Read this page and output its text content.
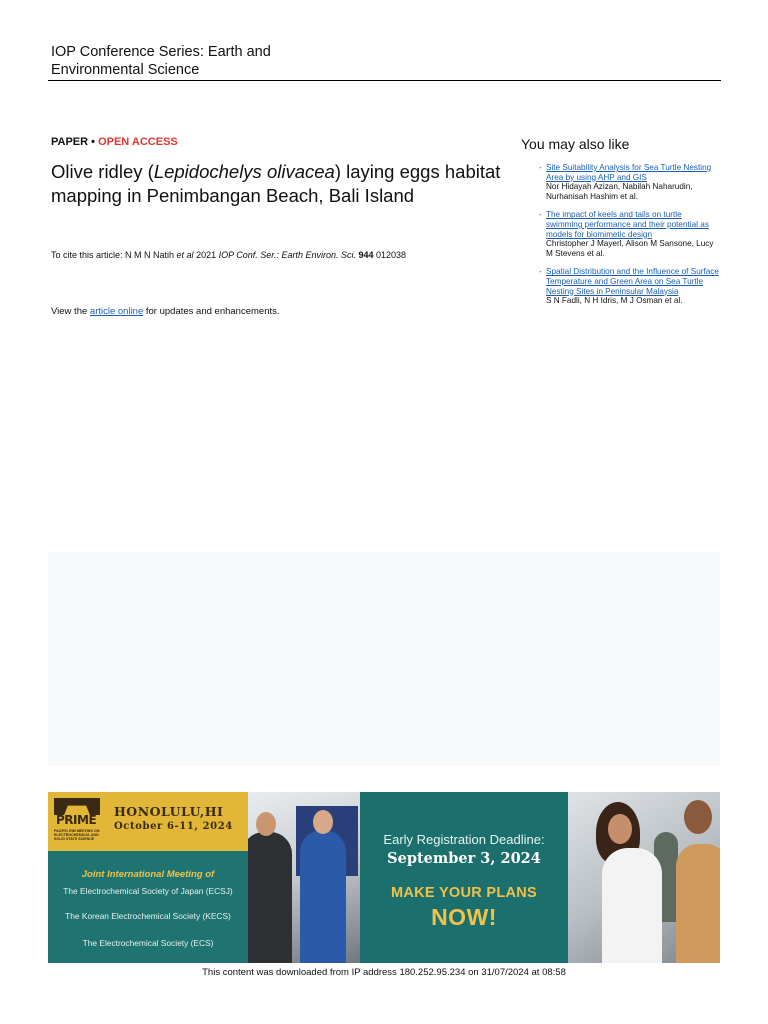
IOP Conference Series: Earth and
Environmental Science
PAPER • OPEN ACCESS
Olive ridley (Lepidochelys olivacea) laying eggs habitat mapping in Penimbangan Beach, Bali Island
To cite this article: N M N Natih et al 2021 IOP Conf. Ser.: Earth Environ. Sci. 944 012038
View the article online for updates and enhancements.
You may also like
- Site Suitability Analysis for Sea Turtle Nesting Area by using AHP and GIS
Nor Hidayah Azizan, Nabilah Naharudin, Nurhanisah Hashim et al.
- The impact of keels and tails on turtle swimming performance and their potential as models for biomimetic design
Christopher J Mayerl, Alison M Sansone, Lucy M Stevens et al.
- Spatial Distribution and the Influence of Surface Temperature and Green Area on Sea Turtle Nesting Sites in Peninsular Malaysia
S N Fadli, N H Idris, M J Osman et al.
PRIME
PACIFIC RIM MEETING ON ELECTROCHEMICAL AND SOLID STATE SCIENCE
HONOLULU,HI
October 6-11, 2024
Joint International Meeting of
The Electrochemical Society of Japan (ECSJ)
The Korean Electrochemical Society (KECS)
The Electrochemical Society (ECS)
Early Registration Deadline:
September 3, 2024
MAKE YOUR PLANS
NOW!
This content was downloaded from IP address 180.252.95.234 on 31/07/2024 at 08:58
